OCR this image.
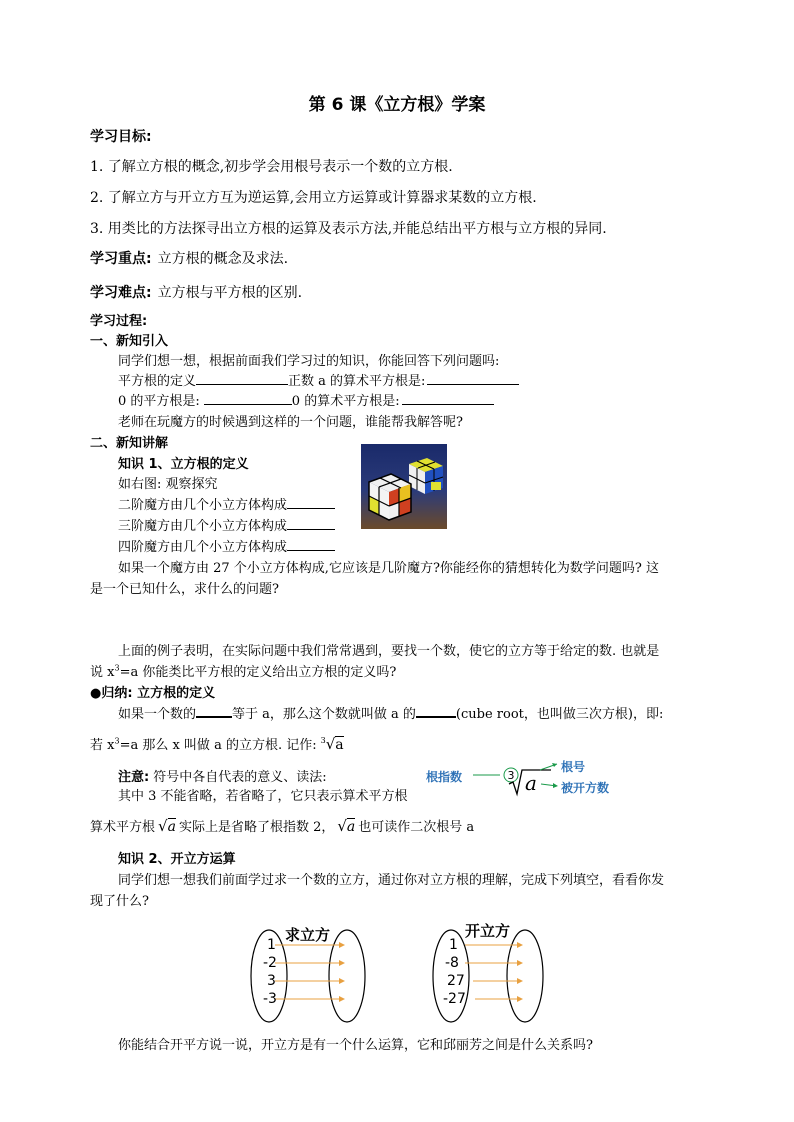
第 6 课《立方根》学案
学习目标:
1. 了解立方根的概念,初步学会用根号表示一个数的立方根.
2. 了解立方与开立方互为逆运算,会用立方运算或计算器求某数的立方根.
3. 用类比的方法探寻出立方根的运算及表示方法,并能总结出平方根与立方根的异同.
学习重点: 立方根的概念及求法.
学习难点: 立方根与平方根的区别.
学习过程:
一、新知引入
同学们想一想，根据前面我们学习过的知识，你能回答下列问题吗:
平方根的定义	正数 a 的算术平方根是:
0 的平方根是:	0 的算术平方根是:
老师在玩魔方的时候遇到这样的一个问题，谁能帮我解答呢?
二、新知讲解
知识 1、立方根的定义
如右图: 观察探究
二阶魔方由几个小立方体构成
三阶魔方由几个小立方体构成
四阶魔方由几个小立方体构成
如果一个魔方由 27 个小立方体构成,它应该是几阶魔方?你能经你的猜想转化为数学问题吗? 这
是一个已知什么，求什么的问题?
上面的例子表明，在实际问题中我们常常遇到，要找一个数，使它的立方等于给定的数. 也就是
说 $x^3=a$ 你能类比平方根的定义给出立方根的定义吗?
●归纳: 立方根的定义
如果一个数的	等于 a，那么这个数就叫做 a 的	(cube root，也叫做三次方根)，即:
若 $x^3=a$ 那么 x 叫做 a 的立方根. 记作: $^3$√a
注意: 符号中各自代表的意义、读法:
其中 3 不能省略，若省略了，它只表示算术平方根
算术平方根 √a 实际上是省略了根指数 2， √a 也可读作二次根号 a
3 a
根指数
根号
被开方数
知识 2、开立方运算
同学们想一想我们前面学过求一个数的立方，通过你对立方根的理解，完成下列填空，看看你发
现了什么?
求立方
1
-2
3
-3
开立方
1
-8
27
-27
你能结合开平方说一说，开立方是有一个什么运算，它和邱丽芳之间是什么关系吗?
